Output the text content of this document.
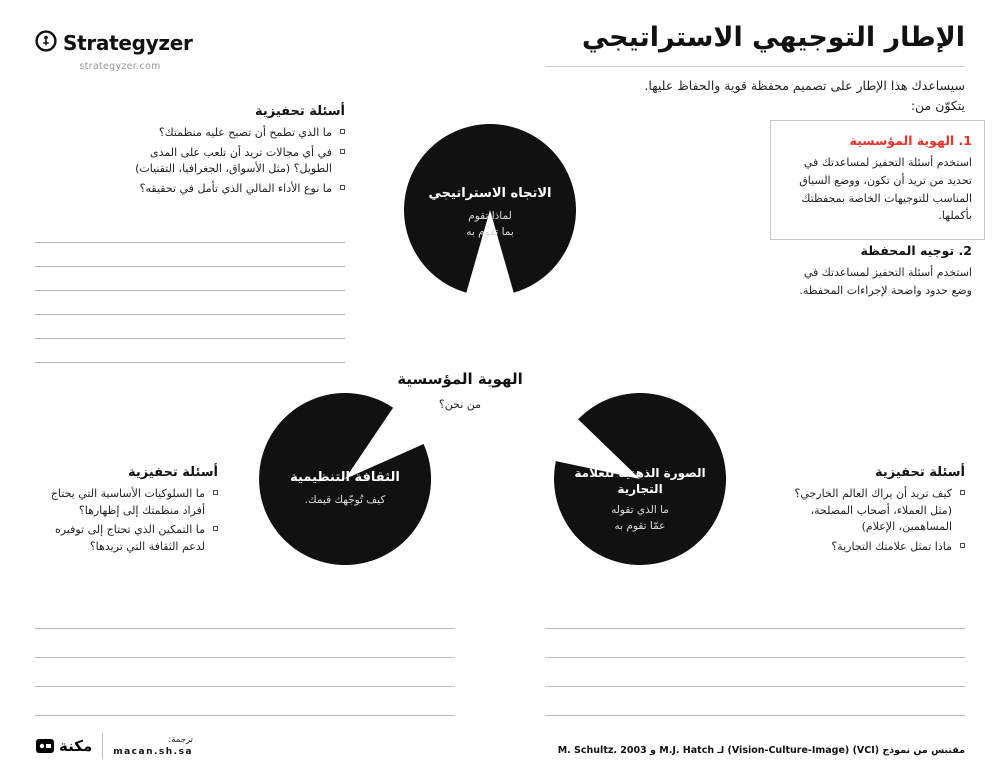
Strategyzer
strategyzer.com
الإطار التوجيهي الاستراتيجي
سيساعدك هذا الإطار على تصميم محفظة قوية والحفاظ عليها.
يتكوّن من:
1. الهوية المؤسسية
استخدم أسئلة التحفيز لمساعدتك في تحديد من تريد أن تكون، ووضع السياق المناسب للتوجيهات الخاصة بمحفظتك بأكملها.
2. توجيه المحفظة
استخدم أسئلة التحفيز لمساعدتك في وضع حدود واضحة لإجراءات المحفظة.
أسئلة تحفيزية
ما الذي تطمح أن تصبح عليه منظمتك؟
في أي مجالات تريد أن تلعب على المدى الطويل؟ (مثل الأسواق، الجغرافيا، التقنيات)
ما نوع الأداء المالي الذي تأمل في تحقيقه؟	الاتجاه الاستراتيجي
لماذا تقوم
بما تقوم به
الهوية المؤسسية
من نحن؟
الثقافة التنظيمية
كيف تُوجّهك قيمك.
الصورة الذهنية للعلامة التجارية
ما الذي تقوله
عمّا تقوم به
أسئلة تحفيزية
ما السلوكيات الأساسية التي يحتاج أفراد منظمتك إلى إظهارها؟
ما التمكين الذي تحتاج إلى توفيره لدعم الثقافة التي تريدها؟
أسئلة تحفيزية
كيف تريد أن يراك العالم الخارجي؟ (مثل العملاء، أصحاب المصلحة، المساهمين، الإعلام)
ماذا تمثل علامتك التجارية؟
مكنة	ترجمة:
macan.sh.sa	مقتبس من نموذج (VCI) (Vision-Culture-Image) لـ M.J. Hatch و M. Schultz. 2003
